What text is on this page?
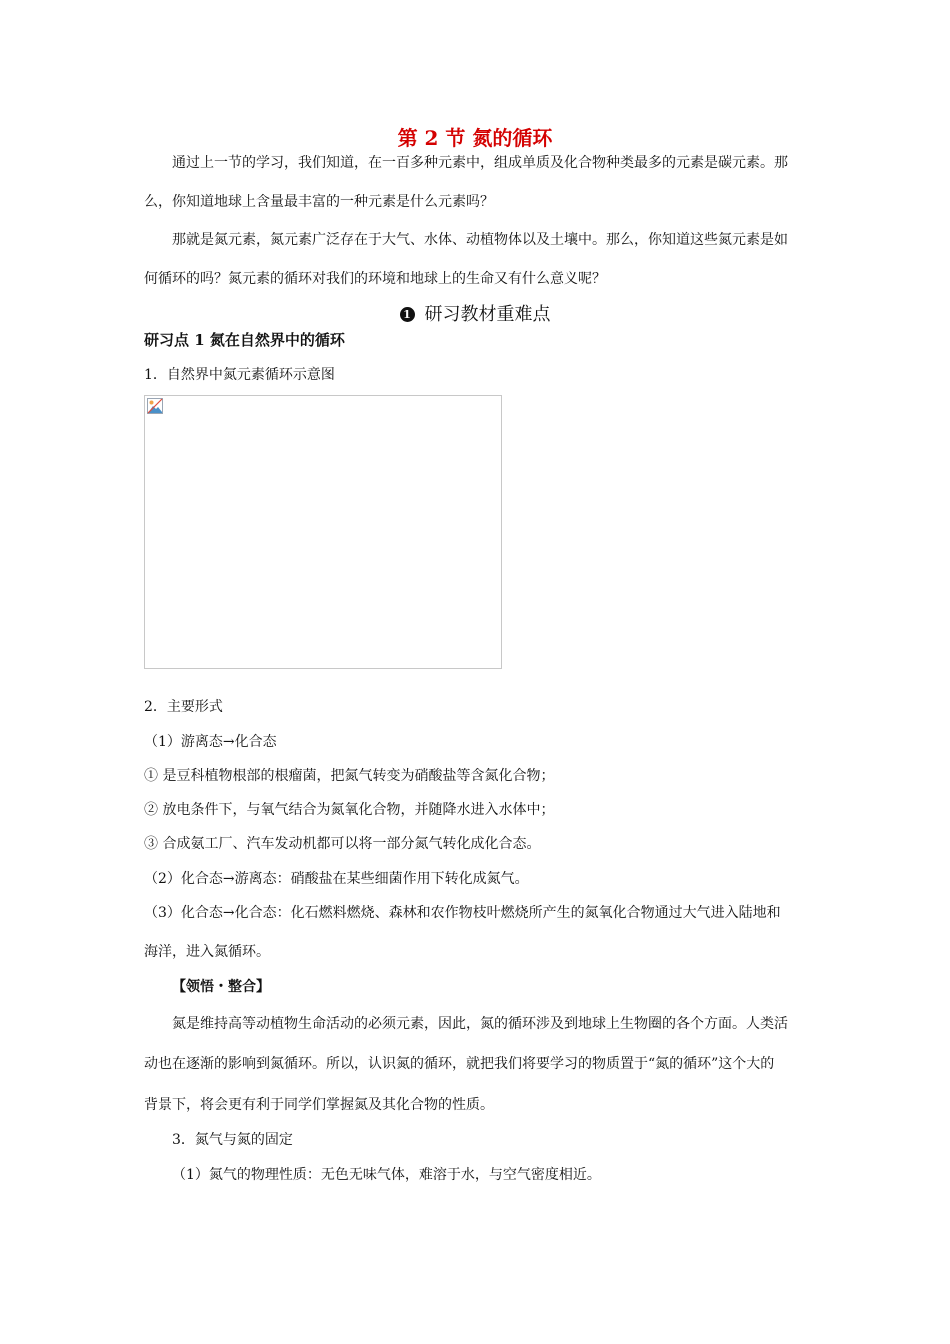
第 2 节 氮的循环
通过上一节的学习，我们知道，在一百多种元素中，组成单质及化合物种类最多的元素是碳元素。那
么，你知道地球上含量最丰富的一种元素是什么元素吗？
那就是氮元素，氮元素广泛存在于大气、水体、动植物体以及土壤中。那么，你知道这些氮元素是如
何循环的吗？氮元素的循环对我们的环境和地球上的生命又有什么意义呢？
1 研习教材重难点
研习点 1 氮在自然界中的循环
1．自然界中氮元素循环示意图
2．主要形式
（1）游离态→化合态
① 是豆科植物根部的根瘤菌，把氮气转变为硝酸盐等含氮化合物；
② 放电条件下，与氧气结合为氮氧化合物，并随降水进入水体中；
③ 合成氨工厂、汽车发动机都可以将一部分氮气转化成化合态。
（2）化合态→游离态：硝酸盐在某些细菌作用下转化成氮气。
（3）化合态→化合态：化石燃料燃烧、森林和农作物枝叶燃烧所产生的氮氧化合物通过大气进入陆地和
海洋，进入氮循环。
【领悟・整合】
氮是维持高等动植物生命活动的必须元素，因此，氮的循环涉及到地球上生物圈的各个方面。人类活
动也在逐渐的影响到氮循环。所以，认识氮的循环，就把我们将要学习的物质置于“氮的循环”这个大的
背景下，将会更有利于同学们掌握氮及其化合物的性质。
3．氮气与氮的固定
（1）氮气的物理性质：无色无味气体，难溶于水，与空气密度相近。
